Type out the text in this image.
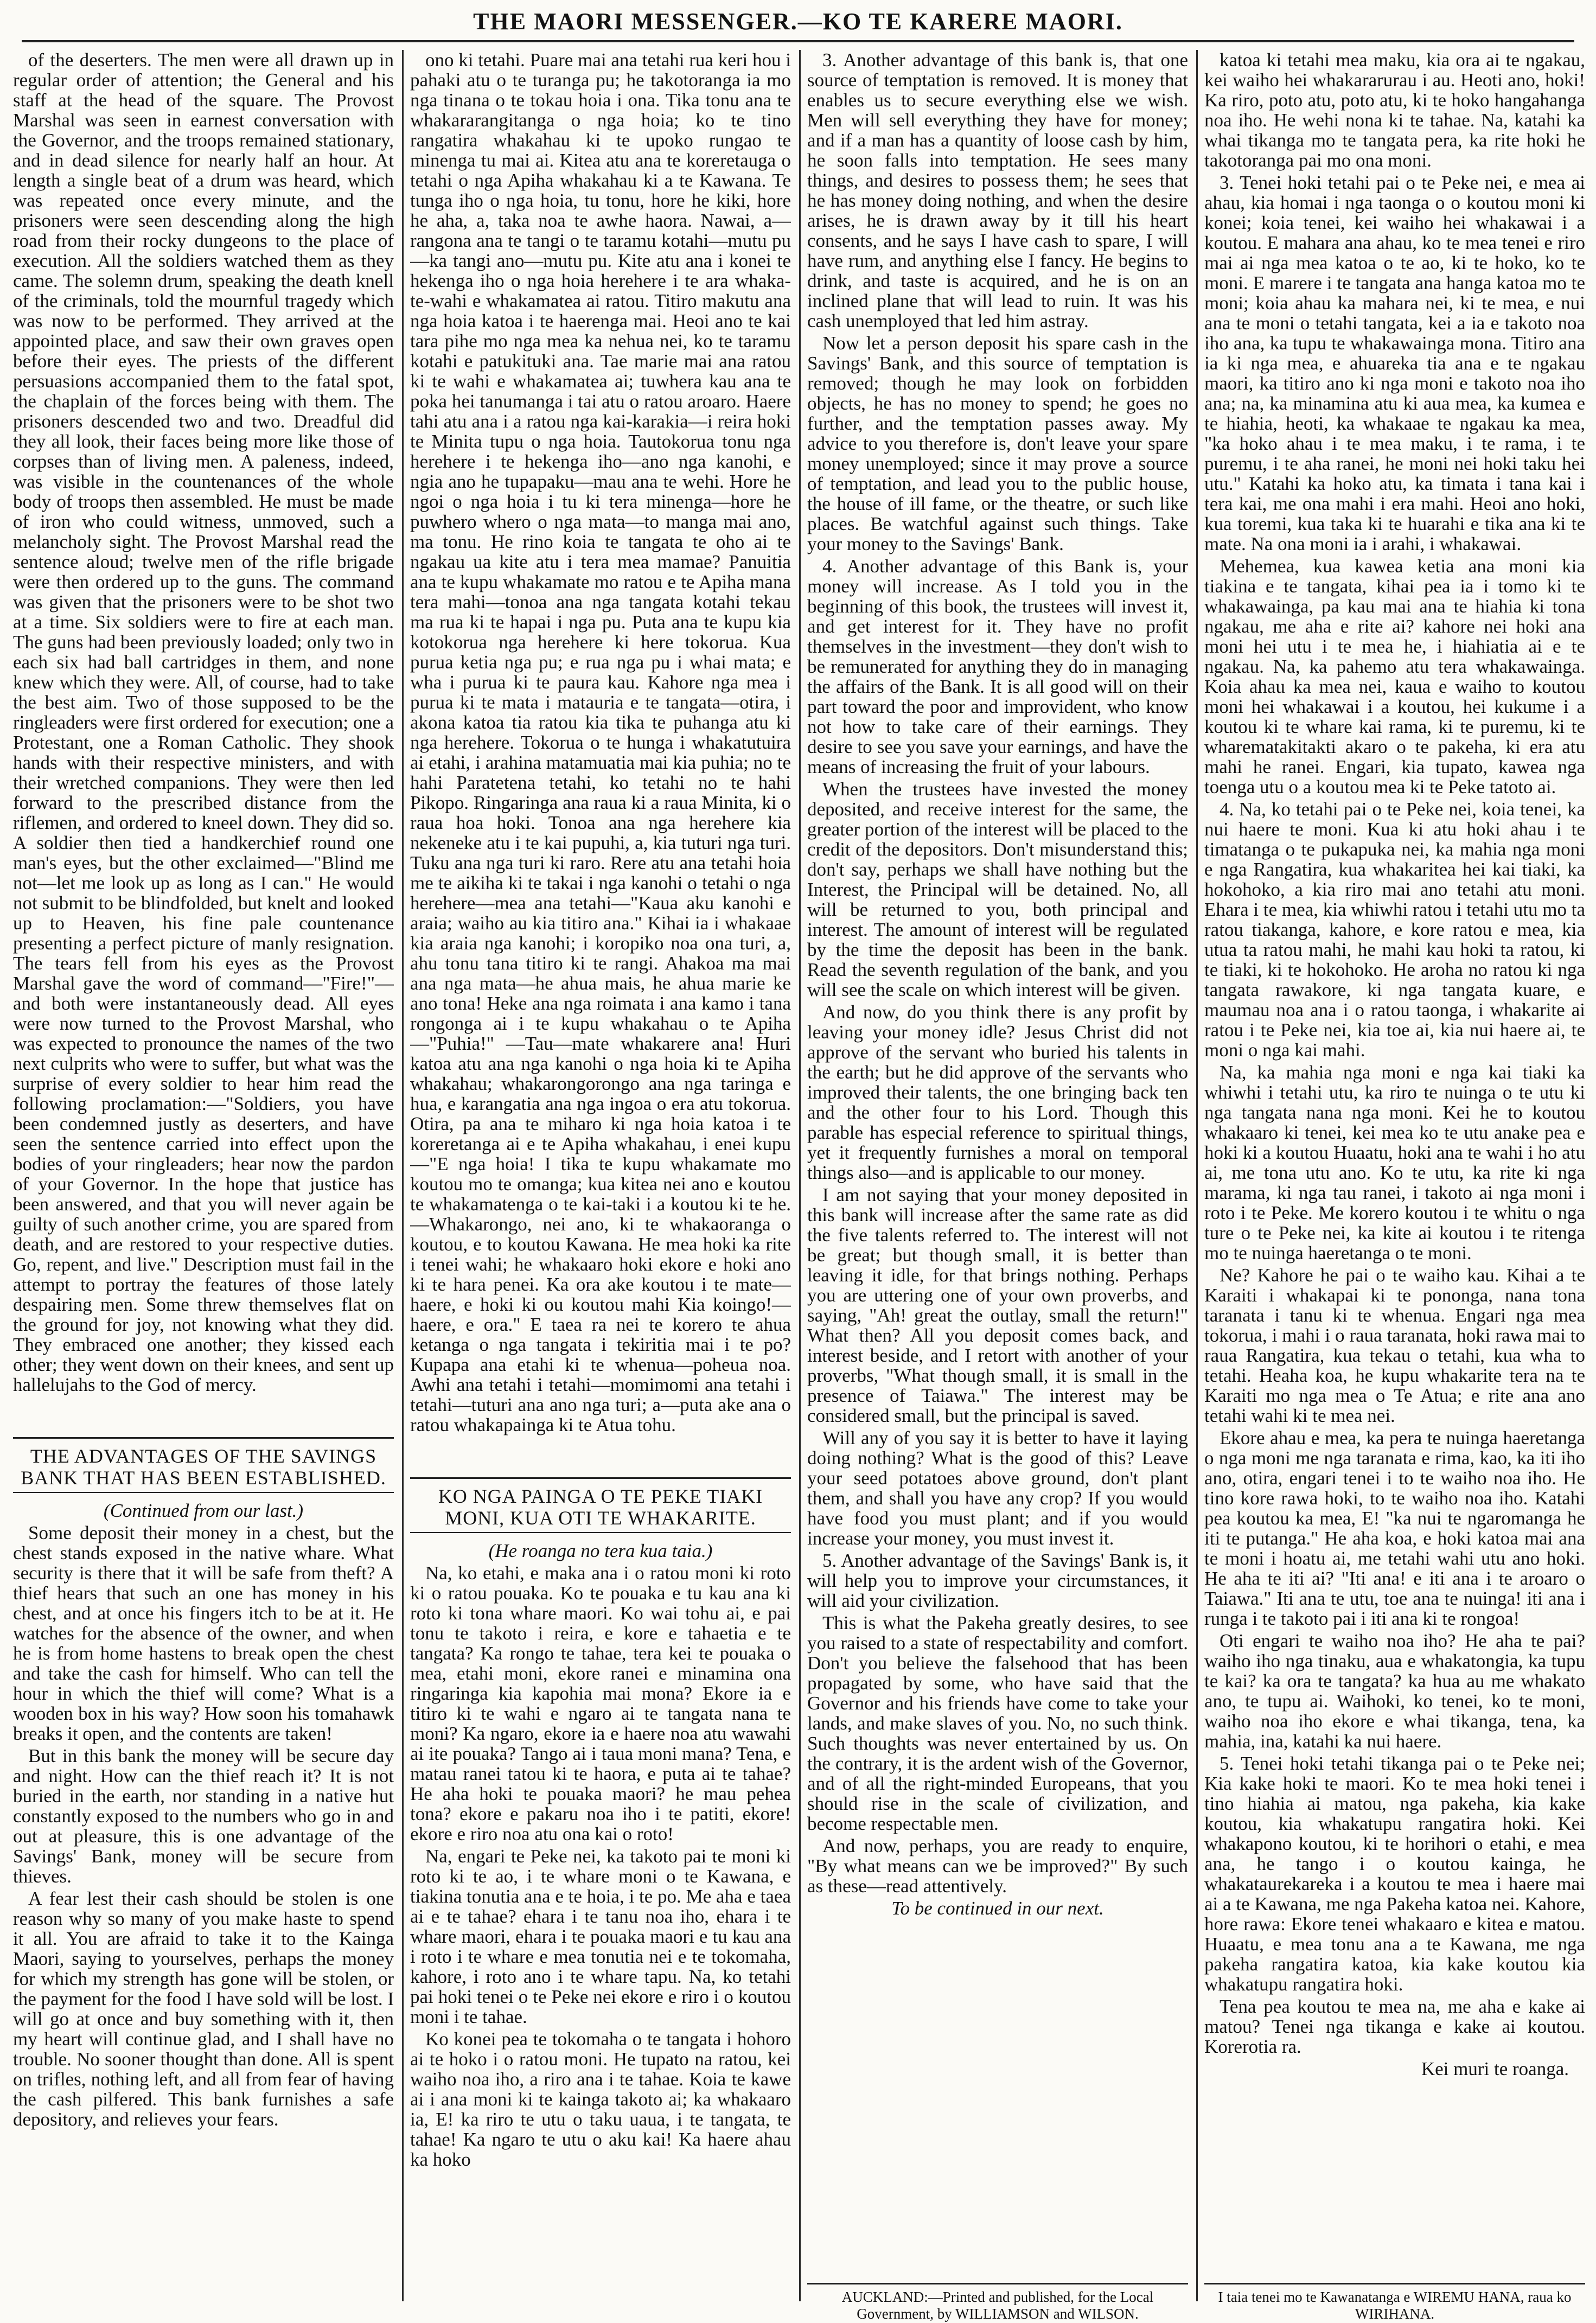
THE MAORI MESSENGER.—KO TE KARERE MAORI.

of the deserters. The men were all drawn up in regular order of attention; the General and his staff at the head of the square. The Provost Marshal was seen in earnest conversation with the Governor, and the troops remained stationary, and in dead silence for nearly half an hour. At length a single beat of a drum was heard, which was repeated once every minute, and the prisoners were seen descending along the high road from their rocky dungeons to the place of execution. All the soldiers watched them as they came. The solemn drum, speaking the death knell of the criminals, told the mournful tragedy which was now to be performed. They arrived at the appointed place, and saw their own graves open before their eyes. The priests of the different persuasions accompanied them to the fatal spot, the chaplain of the forces being with them. The prisoners descended two and two. Dreadful did they all look, their faces being more like those of corpses than of living men. A paleness, indeed, was visible in the countenances of the whole body of troops then assembled. He must be made of iron who could witness, unmoved, such a melancholy sight. The Provost Marshal read the sentence aloud; twelve men of the rifle brigade were then ordered up to the guns. The command was given that the prisoners were to be shot two at a time. Six soldiers were to fire at each man. The guns had been previously loaded; only two in each six had ball cartridges in them, and none knew which they were. All, of course, had to take the best aim. Two of those supposed to be the ringleaders were first ordered for execution; one a Protestant, one a Roman Catholic. They shook hands with their respective ministers, and with their wretched companions. They were then led forward to the prescribed distance from the riflemen, and ordered to kneel down. They did so. A soldier then tied a handkerchief round one man's eyes, but the other exclaimed—"Blind me not—let me look up as long as I can." He would not submit to be blindfolded, but knelt and looked up to Heaven, his fine pale countenance presenting a perfect picture of manly resignation. The tears fell from his eyes as the Provost Marshal gave the word of command—"Fire!"—and both were instantaneously dead. All eyes were now turned to the Provost Marshal, who was expected to pronounce the names of the two next culprits who were to suffer, but what was the surprise of every soldier to hear him read the following proclamation:—"Soldiers, you have been condemned justly as deserters, and have seen the sentence carried into effect upon the bodies of your ringleaders; hear now the pardon of your Governor. In the hope that justice has been answered, and that you will never again be guilty of such another crime, you are spared from death, and are restored to your respective duties. Go, repent, and live." Description must fail in the attempt to portray the features of those lately despairing men. Some threw themselves flat on the ground for joy, not knowing what they did. They embraced one another; they kissed each other; they went down on their knees, and sent up hallelujahs to the God of mercy.

THE ADVANTAGES OF THE SAVINGS BANK THAT HAS BEEN ESTABLISHED.

(Continued from our last.)

Some deposit their money in a chest, but the chest stands exposed in the native whare. What security is there that it will be safe from theft? A thief hears that such an one has money in his chest, and at once his fingers itch to be at it. He watches for the absence of the owner, and when he is from home hastens to break open the chest and take the cash for himself. Who can tell the hour in which the thief will come? What is a wooden box in his way? How soon his tomahawk breaks it open, and the contents are taken!

But in this bank the money will be secure day and night. How can the thief reach it? It is not buried in the earth, nor standing in a native hut constantly exposed to the numbers who go in and out at pleasure, this is one advantage of the Savings' Bank, money will be secure from thieves.

A fear lest their cash should be stolen is one reason why so many of you make haste to spend it all. You are afraid to take it to the Kainga Maori, saying to yourselves, perhaps the money for which my strength has gone will be stolen, or the payment for the food I have sold will be lost. I will go at once and buy something with it, then my heart will continue glad, and I shall have no trouble. No sooner thought than done. All is spent on trifles, nothing left, and all from fear of having the cash pilfered. This bank furnishes a safe depository, and relieves your fears.

ono ki tetahi. Puare mai ana tetahi rua keri hou i pahaki atu o te turanga pu; he takotoranga ia mo nga tinana o te tokau hoia i ona. Tika tonu ana te whakararangitanga o nga hoia; ko te tino rangatira whakahau ki te upoko rungao te minenga tu mai ai. Kitea atu ana te koreretauga o tetahi o nga Apiha whakahau ki a te Kawana. Te tunga iho o nga hoia, tu tonu, hore he kiki, hore he aha, a, taka noa te awhe haora. Nawai, a—rangona ana te tangi o te taramu kotahi—mutu pu—ka tangi ano—mutu pu. Kite atu ana i konei te hekenga iho o nga hoia herehere i te ara whaka-te-wahi e whakamatea ai ratou. Titiro makutu ana nga hoia katoa i te haerenga mai. Heoi ano te kai tara pihe mo nga mea ka nehua nei, ko te taramu kotahi e patukituki ana. Tae marie mai ana ratou ki te wahi e whakamatea ai; tuwhera kau ana te poka hei tanumanga i tai atu o ratou aroaro. Haere tahi atu ana i a ratou nga kai-karakia—i reira hoki te Minita tupu o nga hoia. Tautokorua tonu nga herehere i te hekenga iho—ano nga kanohi, e ngia ano he tupapaku—mau ana te wehi. Hore he ngoi o nga hoia i tu ki tera minenga—hore he puwhero whero o nga mata—to manga mai ano, ma tonu. He rino koia te tangata te oho ai te ngakau ua kite atu i tera mea mamae? Panuitia ana te kupu whakamate mo ratou e te Apiha mana tera mahi—tonoa ana nga tangata kotahi tekau ma rua ki te hapai i nga pu. Puta ana te kupu kia kotokorua nga herehere ki here tokorua. Kua purua ketia nga pu; e rua nga pu i whai mata; e wha i purua ki te paura kau. Kahore nga mea i purua ki te mata i matauria e te tangata—otira, i akona katoa tia ratou kia tika te puhanga atu ki nga herehere. Tokorua o te hunga i whakatutuira ai etahi, i arahina matamuatia mai kia puhia; no te hahi Paratetena tetahi, ko tetahi no te hahi Pikopo. Ringaringa ana raua ki a raua Minita, ki o raua hoa hoki. Tonoa ana nga herehere kia nekeneke atu i te kai pupuhi, a, kia tuturi nga turi. Tuku ana nga turi ki raro. Rere atu ana tetahi hoia me te aikiha ki te takai i nga kanohi o tetahi o nga herehere—mea ana tetahi—"Kaua aku kanohi e araia; waiho au kia titiro ana." Kihai ia i whakaae kia araia nga kanohi; i koropiko noa ona turi, a, ahu tonu tana titiro ki te rangi. Ahakoa ma mai ana nga mata—he ahua mais, he ahua marie ke ano tona! Heke ana nga roimata i ana kamo i tana rongonga ai i te kupu whakahau o te Apiha—"Puhia!" —Tau—mate whakarere ana! Huri katoa atu ana nga kanohi o nga hoia ki te Apiha whakahau; whakarongorongo ana nga taringa e hua, e karangatia ana nga ingoa o era atu tokorua. Otira, pa ana te miharo ki nga hoia katoa i te koreretanga ai e te Apiha whakahau, i enei kupu—"E nga hoia! I tika te kupu whakamate mo koutou mo te omanga; kua kitea nei ano e koutou te whakamatenga o te kai-taki i a koutou ki te he.—Whakarongo, nei ano, ki te whakaoranga o koutou, e to koutou Kawana. He mea hoki ka rite i tenei wahi; he whakaaro hoki ekore e hoki ano ki te hara penei. Ka ora ake koutou i te mate—haere, e hoki ki ou koutou mahi Kia koingo!—haere, e ora." E taea ra nei te korero te ahua ketanga o nga tangata i tekiritia mai i te po? Kupapa ana etahi ki te whenua—poheua noa. Awhi ana tetahi i tetahi—momimomi ana tetahi i tetahi—tuturi ana ano nga turi; a—puta ake ana o ratou whakapainga ki te Atua tohu.

KO NGA PAINGA O TE PEKE TIAKI MONI, KUA OTI TE WHAKARITE.

(He roanga no tera kua taia.)

Na, ko etahi, e maka ana i o ratou moni ki roto ki o ratou pouaka. Ko te pouaka e tu kau ana ki roto ki tona whare maori. Ko wai tohu ai, e pai tonu te takoto i reira, e kore e tahaetia e te tangata? Ka rongo te tahae, tera kei te pouaka o mea, etahi moni, ekore ranei e minamina ona ringaringa kia kapohia mai mona? Ekore ia e titiro ki te wahi e ngaro ai te tangata nana te moni? Ka ngaro, ekore ia e haere noa atu wawahi ai ite pouaka? Tango ai i taua moni mana? Tena, e matau ranei tatou ki te haora, e puta ai te tahae? He aha hoki te pouaka maori? he mau pehea tona? ekore e pakaru noa iho i te patiti, ekore! ekore e riro noa atu ona kai o roto!

Na, engari te Peke nei, ka takoto pai te moni ki roto ki te ao, i te whare moni o te Kawana, e tiakina tonutia ana e te hoia, i te po. Me aha e taea ai e te tahae? ehara i te tanu noa iho, ehara i te whare maori, ehara i te pouaka maori e tu kau ana i roto i te whare e mea tonutia nei e te tokomaha, kahore, i roto ano i te whare tapu. Na, ko tetahi pai hoki tenei o te Peke nei ekore e riro i o koutou moni i te tahae.

Ko konei pea te tokomaha o te tangata i hohoro ai te hoko i o ratou moni. He tupato na ratou, kei waiho noa iho, a riro ana i te tahae. Koia te kawe ai i ana moni ki te kainga takoto ai; ka whakaaro ia, E! ka riro te utu o taku uaua, i te tangata, te tahae! Ka ngaro te utu o aku kai! Ka haere ahau ka hoko

3. Another advantage of this bank is, that one source of temptation is removed. It is money that enables us to secure everything else we wish. Men will sell everything they have for money; and if a man has a quantity of loose cash by him, he soon falls into temptation. He sees many things, and desires to possess them; he sees that he has money doing nothing, and when the desire arises, he is drawn away by it till his heart consents, and he says I have cash to spare, I will have rum, and anything else I fancy. He begins to drink, and taste is acquired, and he is on an inclined plane that will lead to ruin. It was his cash unemployed that led him astray.

Now let a person deposit his spare cash in the Savings' Bank, and this source of temptation is removed; though he may look on forbidden objects, he has no money to spend; he goes no further, and the temptation passes away. My advice to you therefore is, don't leave your spare money unemployed; since it may prove a source of temptation, and lead you to the public house, the house of ill fame, or the theatre, or such like places. Be watchful against such things. Take your money to the Savings' Bank.

4. Another advantage of this Bank is, your money will increase. As I told you in the beginning of this book, the trustees will invest it, and get interest for it. They have no profit themselves in the investment—they don't wish to be remunerated for anything they do in managing the affairs of the Bank. It is all good will on their part toward the poor and improvident, who know not how to take care of their earnings. They desire to see you save your earnings, and have the means of increasing the fruit of your labours.

When the trustees have invested the money deposited, and receive interest for the same, the greater portion of the interest will be placed to the credit of the depositors. Don't misunderstand this; don't say, perhaps we shall have nothing but the Interest, the Principal will be detained. No, all will be returned to you, both principal and interest. The amount of interest will be regulated by the time the deposit has been in the bank. Read the seventh regulation of the bank, and you will see the scale on which interest will be given.

And now, do you think there is any profit by leaving your money idle? Jesus Christ did not approve of the servant who buried his talents in the earth; but he did approve of the servants who improved their talents, the one bringing back ten and the other four to his Lord. Though this parable has especial reference to spiritual things, yet it frequently furnishes a moral on temporal things also—and is applicable to our money.

I am not saying that your money deposited in this bank will increase after the same rate as did the five talents referred to. The interest will not be great; but though small, it is better than leaving it idle, for that brings nothing. Perhaps you are uttering one of your own proverbs, and saying, "Ah! great the outlay, small the return!" What then? All you deposit comes back, and interest beside, and I retort with another of your proverbs, "What though small, it is small in the presence of Taiawa." The interest may be considered small, but the principal is saved.

Will any of you say it is better to have it laying doing nothing? What is the good of this? Leave your seed potatoes above ground, don't plant them, and shall you have any crop? If you would have food you must plant; and if you would increase your money, you must invest it.

5. Another advantage of the Savings' Bank is, it will help you to improve your circumstances, it will aid your civilization.

This is what the Pakeha greatly desires, to see you raised to a state of respectability and comfort. Don't you believe the falsehood that has been propagated by some, who have said that the Governor and his friends have come to take your lands, and make slaves of you. No, no such think. Such thoughts was never entertained by us. On the contrary, it is the ardent wish of the Governor, and of all the right-minded Europeans, that you should rise in the scale of civilization, and become respectable men.

And now, perhaps, you are ready to enquire, "By what means can we be improved?" By such as these—read attentively.

To be continued in our next.

katoa ki tetahi mea maku, kia ora ai te ngakau, kei waiho hei whakararurau i au. Heoti ano, hoki! Ka riro, poto atu, poto atu, ki te hoko hangahanga noa iho. He wehi nona ki te tahae. Na, katahi ka whai tikanga mo te tangata pera, ka rite hoki he takotoranga pai mo ona moni.

3. Tenei hoki tetahi pai o te Peke nei, e mea ai ahau, kia homai i nga taonga o o koutou moni ki konei; koia tenei, kei waiho hei whakawai i a koutou. E mahara ana ahau, ko te mea tenei e riro mai ai nga mea katoa o te ao, ki te hoko, ko te moni. E marere i te tangata ana hanga katoa mo te moni; koia ahau ka mahara nei, ki te mea, e nui ana te moni o tetahi tangata, kei a ia e takoto noa iho ana, ka tupu te whakawainga mona. Titiro ana ia ki nga mea, e ahuareka tia ana e te ngakau maori, ka titiro ano ki nga moni e takoto noa iho ana; na, ka minamina atu ki aua mea, ka kumea e te hiahia, heoti, ka whakaae te ngakau ka mea, "ka hoko ahau i te mea maku, i te rama, i te puremu, i te aha ranei, he moni nei hoki taku hei utu." Katahi ka hoko atu, ka timata i tana kai i tera kai, me ona mahi i era mahi. Heoi ano hoki, kua toremi, kua taka ki te huarahi e tika ana ki te mate. Na ona moni ia i arahi, i whakawai.

Mehemea, kua kawea ketia ana moni kia tiakina e te tangata, kihai pea ia i tomo ki te whakawainga, pa kau mai ana te hiahia ki tona ngakau, me aha e rite ai? kahore nei hoki ana moni hei utu i te mea he, i hiahiatia ai e te ngakau. Na, ka pahemo atu tera whakawainga. Koia ahau ka mea nei, kaua e waiho to koutou moni hei whakawai i a koutou, hei kukume i a koutou ki te whare kai rama, ki te puremu, ki te wharematakitakti akaro o te pakeha, ki era atu mahi he ranei. Engari, kia tupato, kawea nga toenga utu o a koutou mea ki te Peke tatoto ai.

4. Na, ko tetahi pai o te Peke nei, koia tenei, ka nui haere te moni. Kua ki atu hoki ahau i te timatanga o te pukapuka nei, ka mahia nga moni e nga Rangatira, kua whakaritea hei kai tiaki, ka hokohoko, a kia riro mai ano tetahi atu moni. Ehara i te mea, kia whiwhi ratou i tetahi utu mo ta ratou tiakanga, kahore, e kore ratou e mea, kia utua ta ratou mahi, he mahi kau hoki ta ratou, ki te tiaki, ki te hokohoko. He aroha no ratou ki nga tangata rawakore, ki nga tangata kuare, e maumau noa ana i o ratou taonga, i whakarite ai ratou i te Peke nei, kia toe ai, kia nui haere ai, te moni o nga kai mahi.

Na, ka mahia nga moni e nga kai tiaki ka whiwhi i tetahi utu, ka riro te nuinga o te utu ki nga tangata nana nga moni. Kei he to koutou whakaaro ki tenei, kei mea ko te utu anake pea e hoki ki a koutou Huaatu, hoki ana te wahi i ho atu ai, me tona utu ano. Ko te utu, ka rite ki nga marama, ki nga tau ranei, i takoto ai nga moni i roto i te Peke. Me korero koutou i te whitu o nga ture o te Peke nei, ka kite ai koutou i te ritenga mo te nuinga haeretanga o te moni.

Ne? Kahore he pai o te waiho kau. Kihai a te Karaiti i whakapai ki te pononga, nana tona taranata i tanu ki te whenua. Engari nga mea tokorua, i mahi i o raua taranata, hoki rawa mai to raua Rangatira, kua tekau o tetahi, kua wha to tetahi. Heaha koa, he kupu whakarite tera na te Karaiti mo nga mea o Te Atua; e rite ana ano tetahi wahi ki te mea nei.

Ekore ahau e mea, ka pera te nuinga haeretanga o nga moni me nga taranata e rima, kao, ka iti iho ano, otira, engari tenei i to te waiho noa iho. He tino kore rawa hoki, to te waiho noa iho. Katahi pea koutou ka mea, E! "ka nui te ngaromanga he iti te putanga." He aha koa, e hoki katoa mai ana te moni i hoatu ai, me tetahi wahi utu ano hoki. He aha te iti ai? "Iti ana! e iti ana i te aroaro o Taiawa." Iti ana te utu, toe ana te nuinga! iti ana i runga i te takoto pai i iti ana ki te rongoa!

Oti engari te waiho noa iho? He aha te pai? waiho iho nga tinaku, aua e whakatongia, ka tupu te kai? ka ora te tangata? ka hua au me whakato ano, te tupu ai. Waihoki, ko tenei, ko te moni, waiho noa iho ekore e whai tikanga, tena, ka mahia, ina, katahi ka nui haere.

5. Tenei hoki tetahi tikanga pai o te Peke nei; Kia kake hoki te maori. Ko te mea hoki tenei i tino hiahia ai matou, nga pakeha, kia kake koutou, kia whakatupu rangatira hoki. Kei whakapono koutou, ki te horihori o etahi, e mea ana, he tango i o koutou kainga, he whakataurekareka i a koutou te mea i haere mai ai a te Kawana, me nga Pakeha katoa nei. Kahore, hore rawa: Ekore tenei whakaaro e kitea e matou. Huaatu, e mea tonu ana a te Kawana, me nga pakeha rangatira katoa, kia kake koutou kia whakatupu rangatira hoki.

Tena pea koutou te mea na, me aha e kake ai matou? Tenei nga tikanga e kake ai koutou. Korerotia ra.

Kei muri te roanga.

AUCKLAND:—Printed and published, for the Local Government, by WILLIAMSON and WILSON.
I taia tenei mo te Kawanatanga e WIREMU HANA, raua ko WIRIHANA.
